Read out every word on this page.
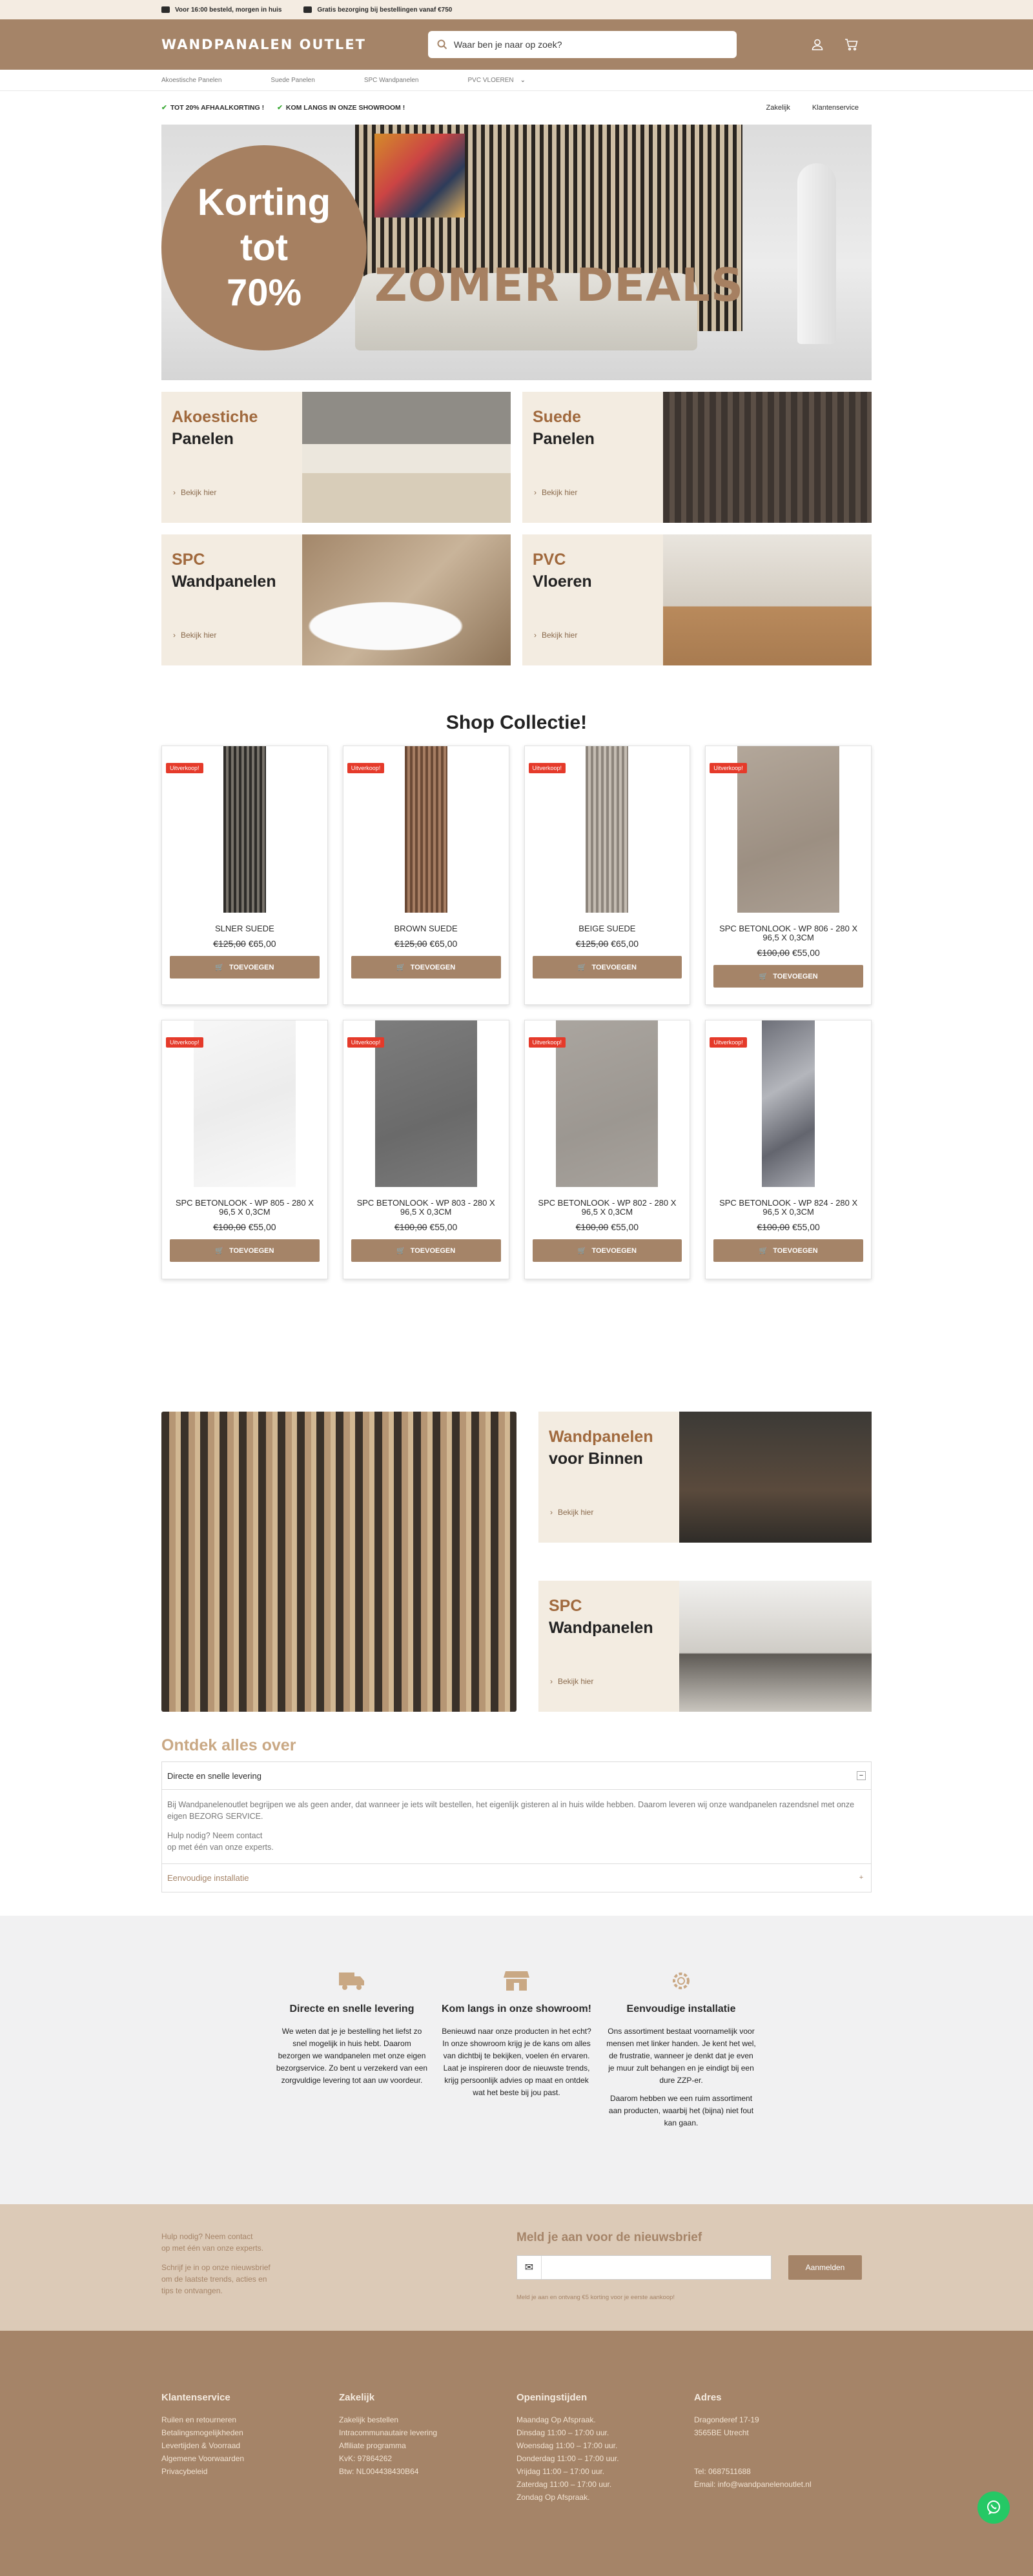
Voor 16:00 besteld, morgen in huis	Gratis bezorging bij bestellingen vanaf €750
WANDPANALEN OUTLET
Waar ben je naar op zoek?
Akoestische Panelen	Suede Panelen	SPC Wandpanelen	PVC VLOEREN ⌄
✔ TOT 20% AFHAALKORTING ! ✔ KOM LANGS IN ONZE SHOWROOM !	Zakelijk	Klantenservice
Korting
tot
70%	ZOMER DEALS
Akoestiche
Panelen
› Bekijk hier
Suede
Panelen
› Bekijk hier
SPC
Wandpanelen
› Bekijk hier
PVC
Vloeren
› Bekijk hier
Shop Collectie!
Uitverkoop!
SLNER SUEDE
€125,00 €65,00
🛒 TOEVOEGEN
Uitverkoop!
BROWN SUEDE
€125,00 €65,00
🛒 TOEVOEGEN
Uitverkoop!
BEIGE SUEDE
€125,00 €65,00
🛒 TOEVOEGEN
Uitverkoop!
SPC BETONLOOK - WP 806 - 280 X 96,5 X 0,3CM
€100,00 €55,00
🛒 TOEVOEGEN
Uitverkoop!
SPC BETONLOOK - WP 805 - 280 X 96,5 X 0,3CM
€100,00 €55,00
🛒 TOEVOEGEN
Uitverkoop!
SPC BETONLOOK - WP 803 - 280 X 96,5 X 0,3CM
€100,00 €55,00
🛒 TOEVOEGEN
Uitverkoop!
SPC BETONLOOK - WP 802 - 280 X 96,5 X 0,3CM
€100,00 €55,00
🛒 TOEVOEGEN
Uitverkoop!
SPC BETONLOOK - WP 824 - 280 X 96,5 X 0,3CM
€100,00 €55,00
🛒 TOEVOEGEN
Wandpanelen
voor Binnen
› Bekijk hier
SPC
Wandpanelen
› Bekijk hier
Ontdek alles over
Directe en snelle levering	−

Bij Wandpanelenoutlet begrijpen we als geen ander, dat wanneer je iets wilt bestellen, het eigenlijk gisteren al in huis wilde hebben. Daarom leveren wij onze wandpanelen razendsnel met onze eigen BEZORG SERVICE.

Hulp nodig? Neem contact

op met één van onze experts.

Eenvoudige installatie	+
Directe en snelle levering

We weten dat je je bestelling het liefst zo snel mogelijk in huis hebt. Daarom bezorgen we wandpanelen met onze eigen bezorgservice. Zo bent u verzekerd van een zorgvuldige levering tot aan uw voordeur.

Kom langs in onze showroom!

Benieuwd naar onze producten in het echt? In onze showroom krijg je de kans om alles van dichtbij te bekijken, voelen én ervaren. Laat je inspireren door de nieuwste trends, krijg persoonlijk advies op maat en ontdek wat het beste bij jou past.

Eenvoudige installatie

Ons assortiment bestaat voornamelijk voor mensen met linker handen. Je kent het wel, de frustratie, wanneer je denkt dat je even je muur zult behangen en je eindigt bij een dure ZZP-er.

Daarom hebben we een ruim assortiment aan producten, waarbij het (bijna) niet fout kan gaan.

Hulp nodig? Neem contact
op met één van onze experts.

Schrijf je in op onze nieuwsbrief
om de laatste trends, acties en
tips te ontvangen.

Meld je aan voor de nieuwsbrief
✉	Aanmelden
Meld je aan en ontvang €5 korting voor je eerste aankoop!
Klantenservice
Ruilen en retourneren
Betalingsmogelijkheden
Levertijden & Voorraad
Algemene Voorwaarden
Privacybeleid
Zakelijk
Zakelijk bestellen
Intracommunautaire levering
Affiliate programma
KvK: 97864262
Btw: NL004438430B64
Openingstijden
Maandag Op Afspraak.
Dinsdag 11:00 – 17:00 uur.
Woensdag 11:00 – 17:00 uur.
Donderdag 11:00 – 17:00 uur.
Vrijdag 11:00 – 17:00 uur.
Zaterdag 11:00 – 17:00 uur.
Zondag Op Afspraak.
Adres
Dragonderef 17-19
3565BE Utrecht
Tel: 0687511688
Email: info@wandpanelenoutlet.nl
